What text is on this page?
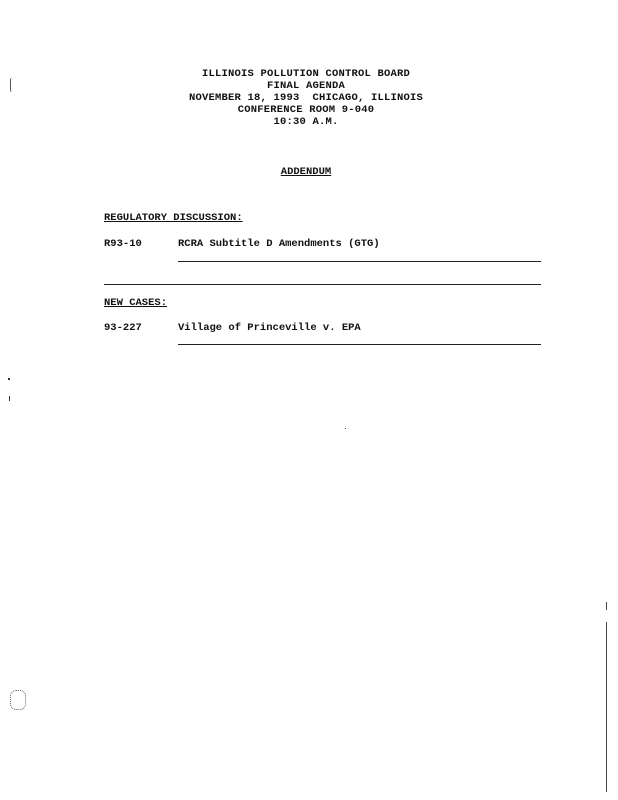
ILLINOIS POLLUTION CONTROL BOARD
FINAL AGENDA
NOVEMBER 18, 1993  CHICAGO, ILLINOIS
CONFERENCE ROOM 9-040
10:30 A.M.
ADDENDUM
REGULATORY DISCUSSION:
R93-10	RCRA Subtitle D Amendments (GTG)
NEW CASES:
93-227	Village of Princeville v. EPA
